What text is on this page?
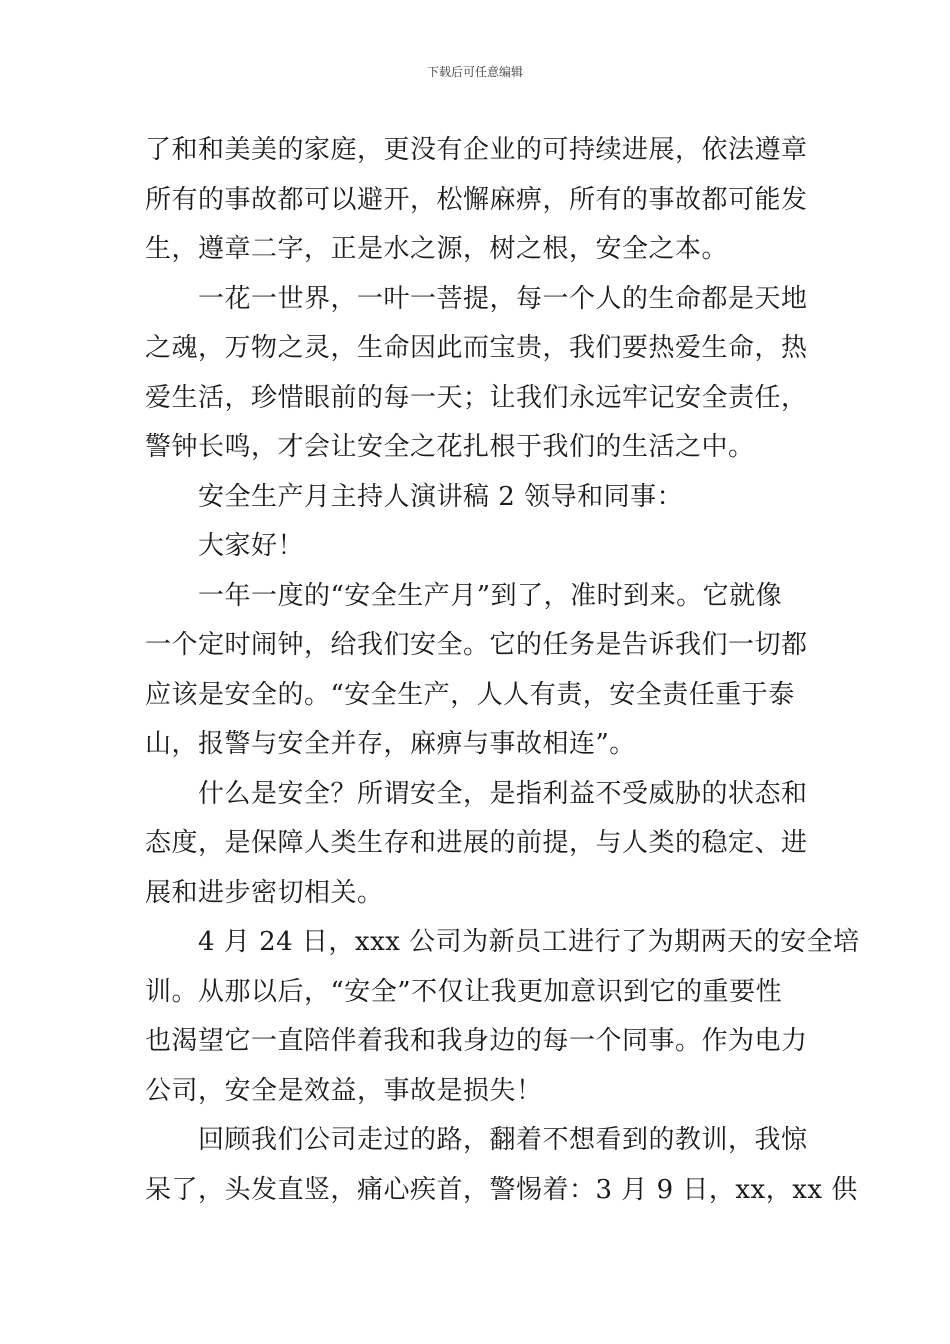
下载后可任意编辑
了和和美美的家庭，更没有企业的可持续进展，依法遵章
所有的事故都可以避开，松懈麻痹，所有的事故都可能发
生，遵章二字，正是水之源，树之根，安全之本。
一花一世界，一叶一菩提，每一个人的生命都是天地
之魂，万物之灵，生命因此而宝贵，我们要热爱生命，热
爱生活，珍惜眼前的每一天；让我们永远牢记安全责任，
警钟长鸣，才会让安全之花扎根于我们的生活之中。
安全生产月主持人演讲稿 2 领导和同事：
大家好！
一年一度的“安全生产月”到了，准时到来。它就像
一个定时闹钟，给我们安全。它的任务是告诉我们一切都
应该是安全的。“安全生产，人人有责，安全责任重于泰
山，报警与安全并存，麻痹与事故相连”。
什么是安全？所谓安全，是指利益不受威胁的状态和
态度，是保障人类生存和进展的前提，与人类的稳定、进
展和进步密切相关。
4 月 24 日，xxx 公司为新员工进行了为期两天的安全培
训。从那以后，“安全”不仅让我更加意识到它的重要性
也渴望它一直陪伴着我和我身边的每一个同事。作为电力
公司，安全是效益，事故是损失！
回顾我们公司走过的路，翻着不想看到的教训，我惊
呆了，头发直竖，痛心疾首，警惕着：3 月 9 日，xx，xx 供
